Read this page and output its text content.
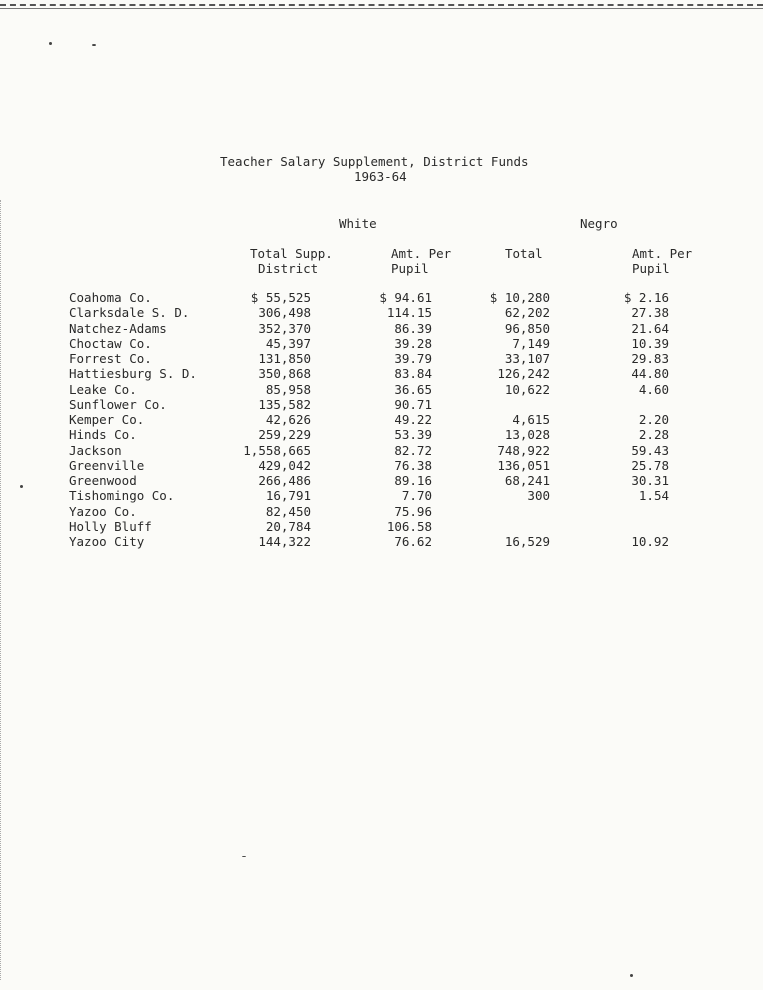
Teacher Salary Supplement, District Funds
1963-64
White	Negro
Total Supp.
District
Amt. Per
Pupil
Total	Amt. Per
Pupil
Coahoma Co.	$ 55,525	$ 94.61	$ 10,280	$ 2.16
Clarksdale S. D.	306,498	114.15	62,202	27.38
Natchez-Adams	352,370	86.39	96,850	21.64
Choctaw Co.	45,397	39.28	7,149	10.39
Forrest Co.	131,850	39.79	33,107	29.83
Hattiesburg S. D.	350,868	83.84	126,242	44.80
Leake Co.	85,958	36.65	10,622	4.60
Sunflower Co.	135,582	90.71
Kemper Co.	42,626	49.22	4,615	2.20
Hinds Co.	259,229	53.39	13,028	2.28
Jackson	1,558,665	82.72	748,922	59.43
Greenville	429,042	76.38	136,051	25.78
Greenwood	266,486	89.16	68,241	30.31
Tishomingo Co.	16,791	7.70	300	1.54
Yazoo Co.	82,450	75.96
Holly Bluff	20,784	106.58
Yazoo City	144,322	76.62	16,529	10.92
